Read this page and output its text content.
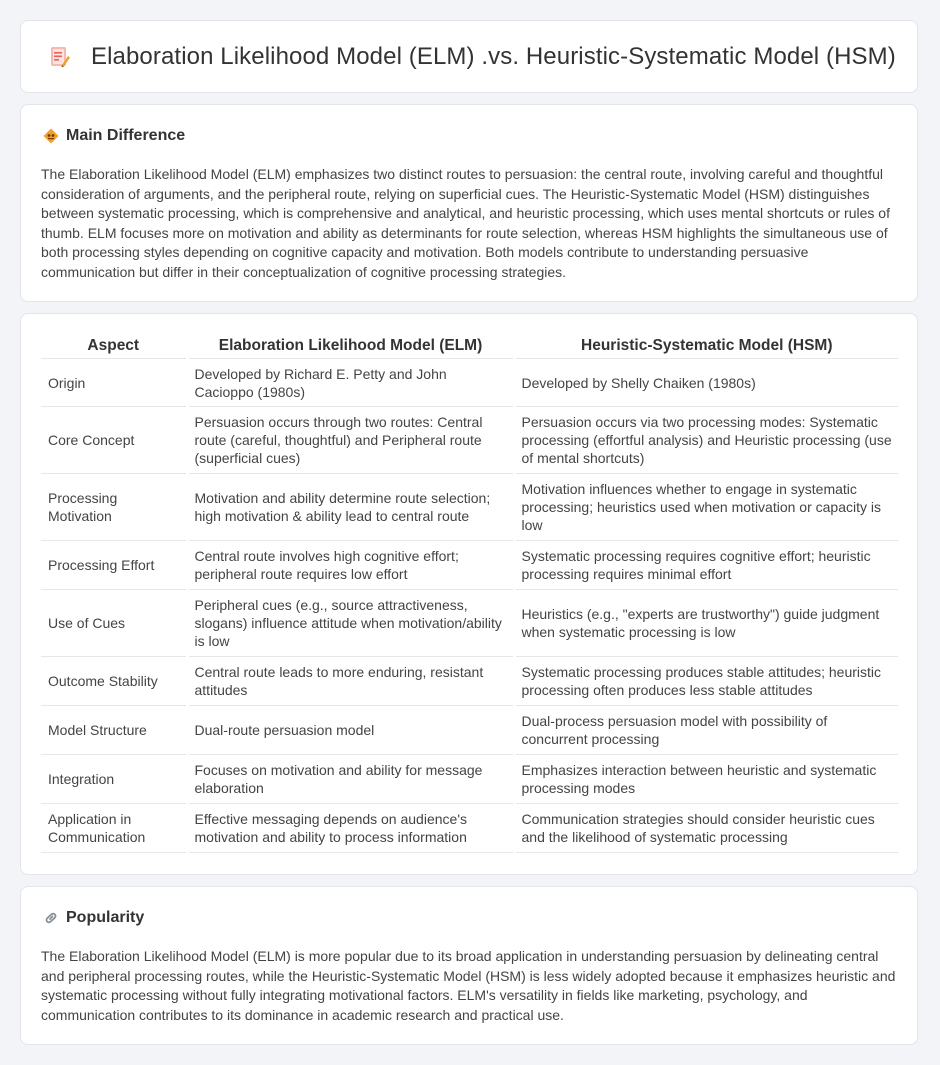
Elaboration Likelihood Model (ELM) .vs. Heuristic-Systematic Model (HSM)
Main Difference

The Elaboration Likelihood Model (ELM) emphasizes two distinct routes to persuasion: the central route, involving careful and thoughtful consideration of arguments, and the peripheral route, relying on superficial cues. The Heuristic-Systematic Model (HSM) distinguishes between systematic processing, which is comprehensive and analytical, and heuristic processing, which uses mental shortcuts or rules of thumb. ELM focuses more on motivation and ability as determinants for route selection, whereas HSM highlights the simultaneous use of both processing styles depending on cognitive capacity and motivation. Both models contribute to understanding persuasive communication but differ in their conceptualization of cognitive processing strategies.

Aspect	Elaboration Likelihood Model (ELM)	Heuristic-Systematic Model (HSM)
Origin	Developed by Richard E. Petty and John Cacioppo (1980s)	Developed by Shelly Chaiken (1980s)
Core Concept	Persuasion occurs through two routes: Central route (careful, thoughtful) and Peripheral route (superficial cues)	Persuasion occurs via two processing modes: Systematic processing (effortful analysis) and Heuristic processing (use of mental shortcuts)
Processing Motivation	Motivation and ability determine route selection; high motivation & ability lead to central route	Motivation influences whether to engage in systematic processing; heuristics used when motivation or capacity is low
Processing Effort	Central route involves high cognitive effort; peripheral route requires low effort	Systematic processing requires cognitive effort; heuristic processing requires minimal effort
Use of Cues	Peripheral cues (e.g., source attractiveness, slogans) influence attitude when motivation/ability is low	Heuristics (e.g., "experts are trustworthy") guide judgment when systematic processing is low
Outcome Stability	Central route leads to more enduring, resistant attitudes	Systematic processing produces stable attitudes; heuristic processing often produces less stable attitudes
Model Structure	Dual-route persuasion model	Dual-process persuasion model with possibility of concurrent processing
Integration	Focuses on motivation and ability for message elaboration	Emphasizes interaction between heuristic and systematic processing modes
Application in Communication	Effective messaging depends on audience's motivation and ability to process information	Communication strategies should consider heuristic cues and the likelihood of systematic processing
Popularity

The Elaboration Likelihood Model (ELM) is more popular due to its broad application in understanding persuasion by delineating central and peripheral processing routes, while the Heuristic-Systematic Model (HSM) is less widely adopted because it emphasizes heuristic and systematic processing without fully integrating motivational factors. ELM's versatility in fields like marketing, psychology, and communication contributes to its dominance in academic research and practical use.
